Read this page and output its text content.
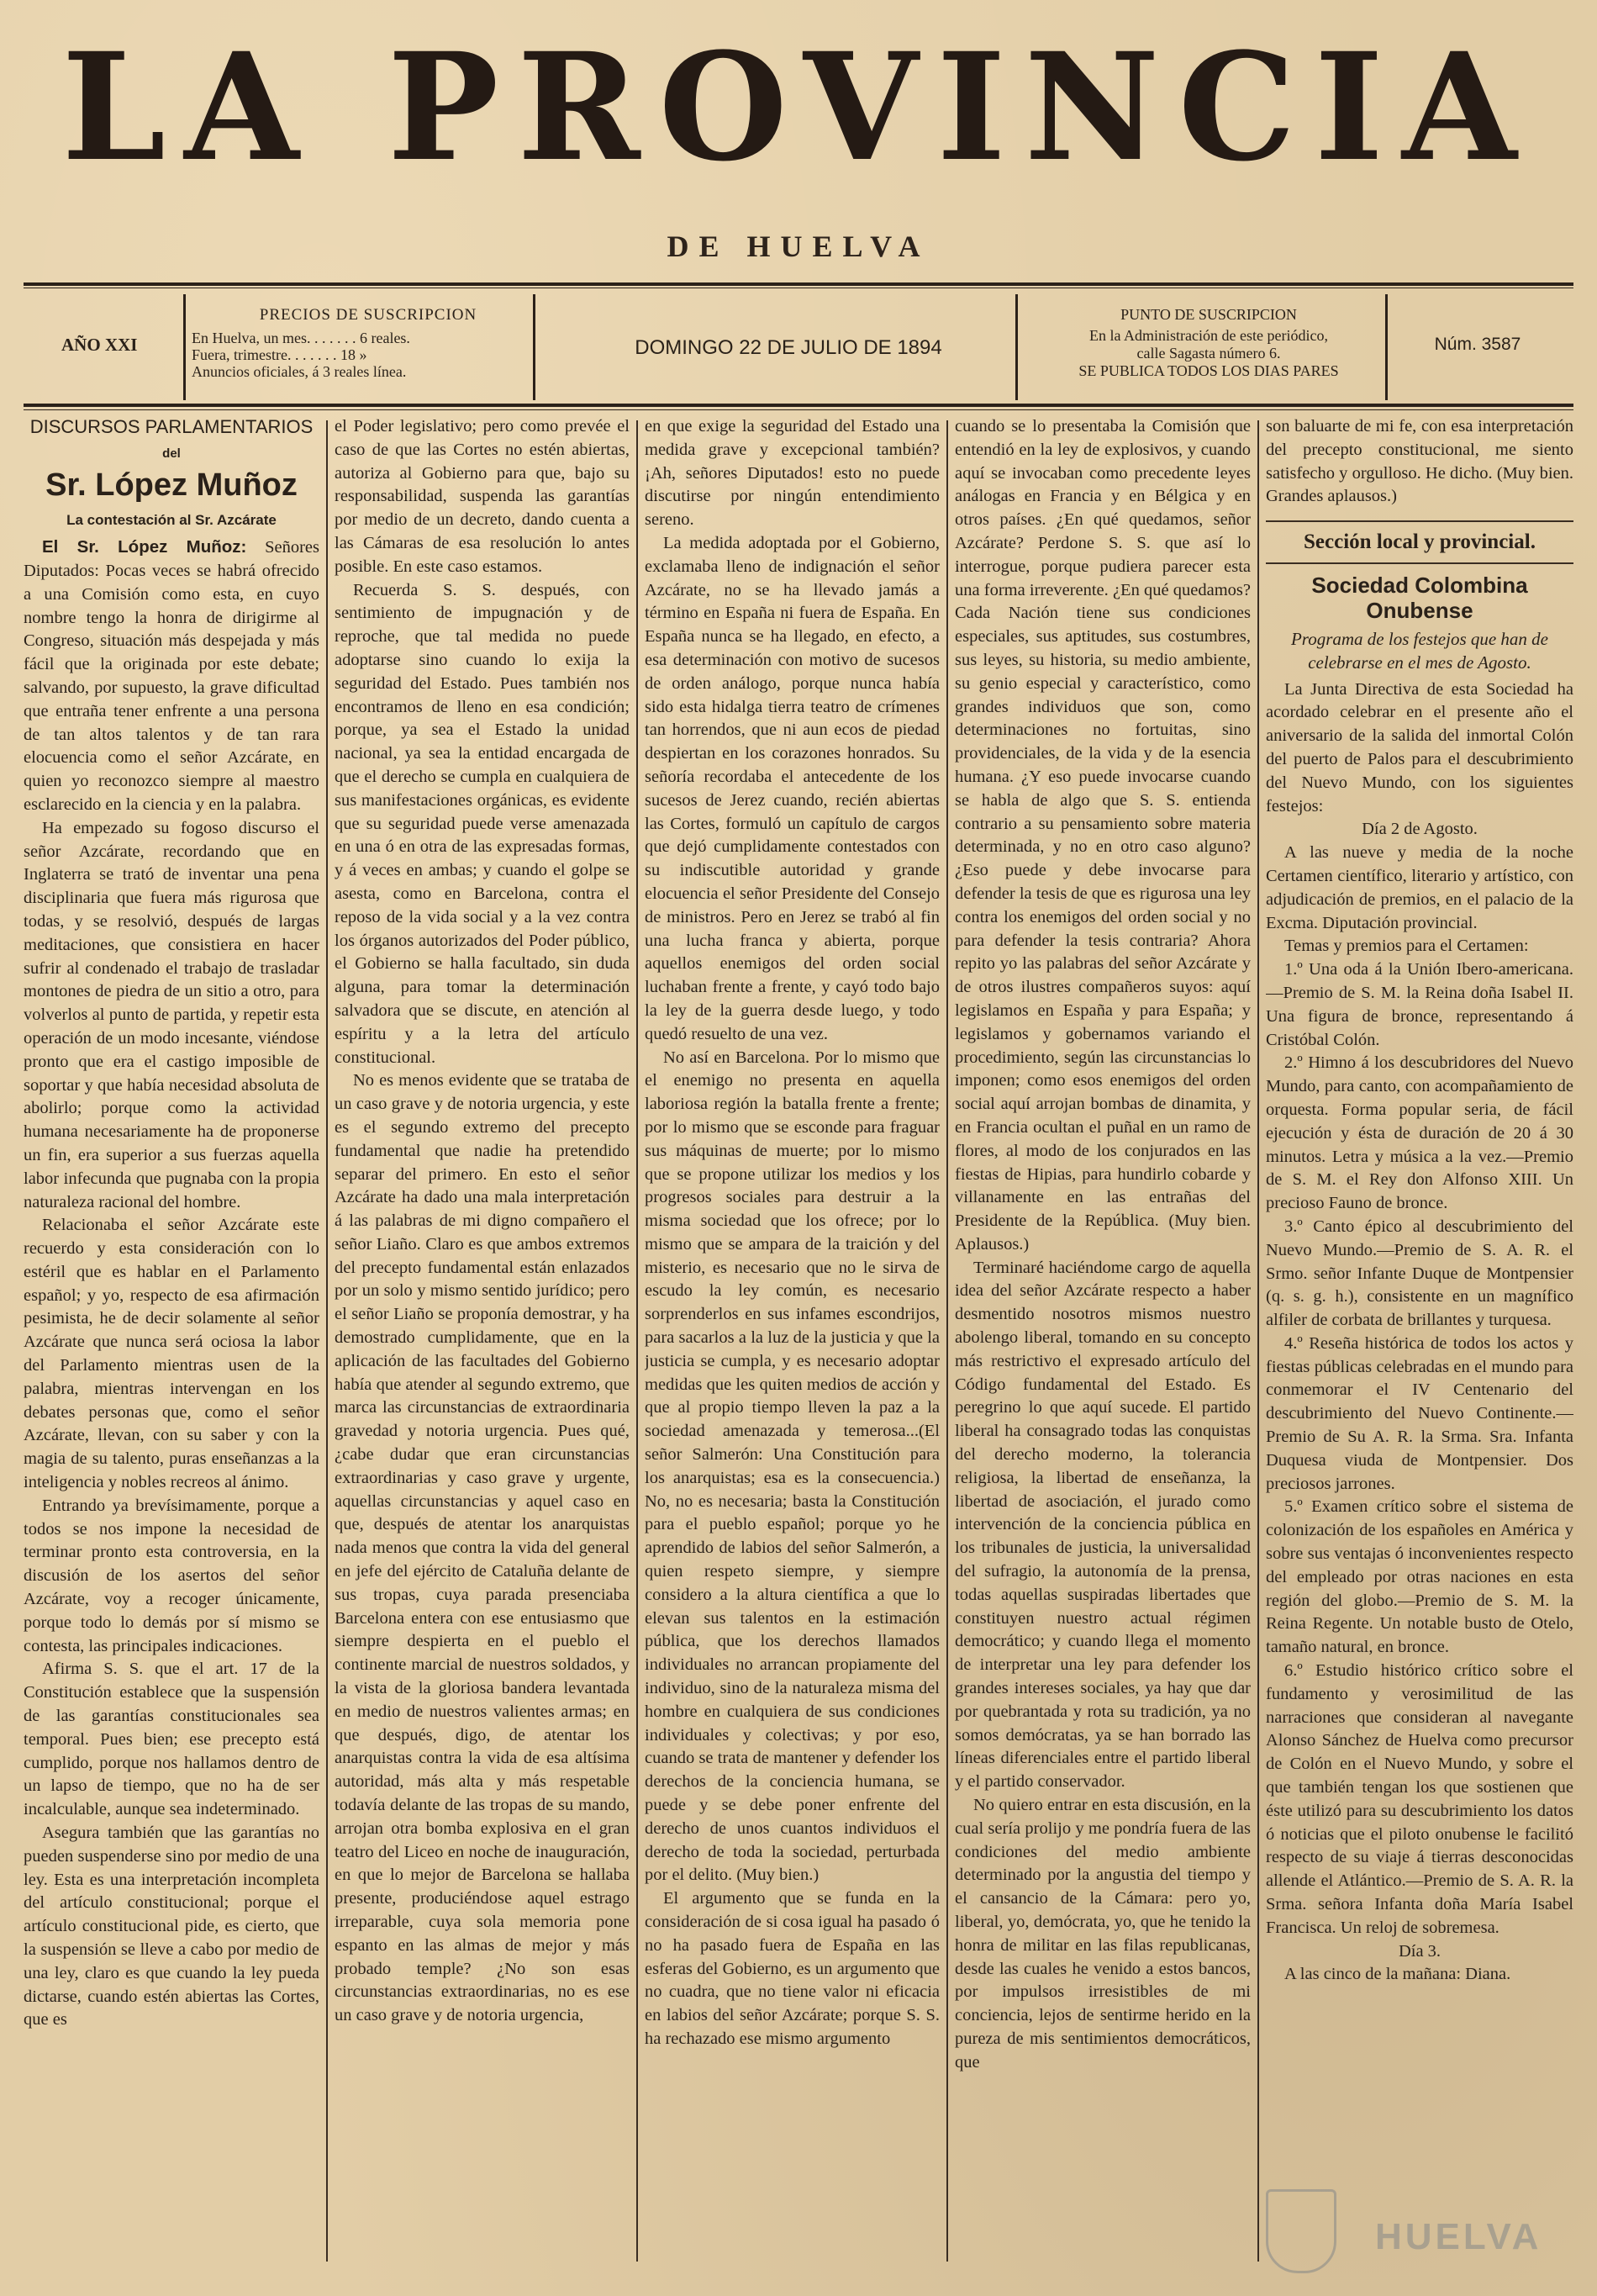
LA PROVINCIA
DE HUELVA
AÑO XXI
PRECIOS DE SUSCRIPCION
En Huelva, un mes. . . . . . . 6 reales.
Fuera, trimestre. . . . . . . 18 »
Anuncios oficiales, á 3 reales línea.
DOMINGO 22 DE JULIO DE 1894
PUNTO DE SUSCRIPCION
En la Administración de este periódico,
calle Sagasta número 6.
SE PUBLICA TODOS LOS DIAS PARES
Núm. 3587
DISCURSOS PARLAMENTARIOS
del
Sr. López Muñoz
La contestación al Sr. Azcárate

El Sr. López Muñoz: Señores Diputados: Pocas veces se habrá ofrecido a una Comisión como esta, en cuyo nombre tengo la honra de dirigirme al Congreso, situación más despejada y más fácil que la originada por este debate; salvando, por supuesto, la grave dificultad que entraña tener enfrente a una persona de tan altos talentos y de tan rara elocuencia como el señor Azcárate, en quien yo reconozco siempre al maestro esclarecido en la ciencia y en la palabra.

Ha empezado su fogoso discurso el señor Azcárate, recordando que en Inglaterra se trató de inventar una pena disciplinaria que fuera más rigurosa que todas, y se resolvió, después de largas meditaciones, que consistiera en hacer sufrir al condenado el trabajo de trasladar montones de piedra de un sitio a otro, para volverlos al punto de partida, y repetir esta operación de un modo incesante, viéndose pronto que era el castigo imposible de soportar y que había necesidad absoluta de abolirlo; porque como la actividad humana necesariamente ha de proponerse un fin, era superior a sus fuerzas aquella labor infecunda que pugnaba con la propia naturaleza racional del hombre.

Relacionaba el señor Azcárate este recuerdo y esta consideración con lo estéril que es hablar en el Parlamento español; y yo, respecto de esa afirmación pesimista, he de decir solamente al señor Azcárate que nunca será ociosa la labor del Parlamento mientras usen de la palabra, mientras intervengan en los debates personas que, como el señor Azcárate, llevan, con su saber y con la magia de su talento, puras enseñanzas a la inteligencia y nobles recreos al ánimo.

Entrando ya brevísimamente, porque a todos se nos impone la necesidad de terminar pronto esta controversia, en la discusión de los asertos del señor Azcárate, voy a recoger únicamente, porque todo lo demás por sí mismo se contesta, las principales indicaciones.

Afirma S. S. que el art. 17 de la Constitución establece que la suspensión de las garantías constitucionales sea temporal. Pues bien; ese precepto está cumplido, porque nos hallamos dentro de un lapso de tiempo, que no ha de ser incalculable, aunque sea indeterminado.

Asegura también que las garantías no pueden suspenderse sino por medio de una ley. Esta es una interpretación incompleta del artículo constitucional; porque el artículo constitucional pide, es cierto, que la suspensión se lleve a cabo por medio de una ley, claro es que cuando la ley pueda dictarse, cuando estén abiertas las Cortes, que es

el Poder legislativo; pero como prevée el caso de que las Cortes no estén abiertas, autoriza al Gobierno para que, bajo su responsabilidad, suspenda las garantías por medio de un decreto, dando cuenta a las Cámaras de esa resolución lo antes posible. En este caso estamos.

Recuerda S. S. después, con sentimiento de impugnación y de reproche, que tal medida no puede adoptarse sino cuando lo exija la seguridad del Estado. Pues también nos encontramos de lleno en esa condición; porque, ya sea el Estado la unidad nacional, ya sea la entidad encargada de que el derecho se cumpla en cualquiera de sus manifestaciones orgánicas, es evidente que su seguridad puede verse amenazada en una ó en otra de las expresadas formas, y á veces en ambas; y cuando el golpe se asesta, como en Barcelona, contra el reposo de la vida social y a la vez contra los órganos autorizados del Poder público, el Gobierno se halla facultado, sin duda alguna, para tomar la determinación salvadora que se discute, en atención al espíritu y a la letra del artículo constitucional.

No es menos evidente que se trataba de un caso grave y de notoria urgencia, y este es el segundo extremo del precepto fundamental que nadie ha pretendido separar del primero. En esto el señor Azcárate ha dado una mala interpretación á las palabras de mi digno compañero el señor Liaño. Claro es que ambos extremos del precepto fundamental están enlazados por un solo y mismo sentido jurídico; pero el señor Liaño se proponía demostrar, y ha demostrado cumplidamente, que en la aplicación de las facultades del Gobierno había que atender al segundo extremo, que marca las circunstancias de extraordinaria gravedad y notoria urgencia. Pues qué, ¿cabe dudar que eran circunstancias extraordinarias y caso grave y urgente, aquellas circunstancias y aquel caso en que, después de atentar los anarquistas nada menos que contra la vida del general en jefe del ejército de Cataluña delante de sus tropas, cuya parada presenciaba Barcelona entera con ese entusiasmo que siempre despierta en el pueblo el continente marcial de nuestros soldados, y la vista de la gloriosa bandera levantada en medio de nuestros valientes armas; en que después, digo, de atentar los anarquistas contra la vida de esa altísima autoridad, más alta y más respetable todavía delante de las tropas de su mando, arrojan otra bomba explosiva en el gran teatro del Liceo en noche de inauguración, en que lo mejor de Barcelona se hallaba presente, produciéndose aquel estrago irreparable, cuya sola memoria pone espanto en las almas de mejor y más probado temple? ¿No son esas circunstancias extraordinarias, no es ese un caso grave y de notoria urgencia,

en que exige la seguridad del Estado una medida grave y excepcional también? ¡Ah, señores Diputados! esto no puede discutirse por ningún entendimiento sereno.

La medida adoptada por el Gobierno, exclamaba lleno de indignación el señor Azcárate, no se ha llevado jamás a término en España ni fuera de España. En España nunca se ha llegado, en efecto, a esa determinación con motivo de sucesos de orden análogo, porque nunca había sido esta hidalga tierra teatro de crímenes tan horrendos, que ni aun ecos de piedad despiertan en los corazones honrados. Su señoría recordaba el antecedente de los sucesos de Jerez cuando, recién abiertas las Cortes, formuló un capítulo de cargos que dejó cumplidamente contestados con su indiscutible autoridad y grande elocuencia el señor Presidente del Consejo de ministros. Pero en Jerez se trabó al fin una lucha franca y abierta, porque aquellos enemigos del orden social luchaban frente a frente, y cayó todo bajo la ley de la guerra desde luego, y todo quedó resuelto de una vez.

No así en Barcelona. Por lo mismo que el enemigo no presenta en aquella laboriosa región la batalla frente a frente; por lo mismo que se esconde para fraguar sus máquinas de muerte; por lo mismo que se propone utilizar los medios y los progresos sociales para destruir a la misma sociedad que los ofrece; por lo mismo que se ampara de la traición y del misterio, es necesario que no le sirva de escudo la ley común, es necesario sorprenderlos en sus infames escondrijos, para sacarlos a la luz de la justicia y que la justicia se cumpla, y es necesario adoptar medidas que les quiten medios de acción y que al propio tiempo lleven la paz a la sociedad amenazada y temerosa...(El señor Salmerón: Una Constitución para los anarquistas; esa es la consecuencia.) No, no es necesaria; basta la Constitución para el pueblo español; porque yo he aprendido de labios del señor Salmerón, a quien respeto siempre, y siempre considero a la altura científica a que lo elevan sus talentos en la estimación pública, que los derechos llamados individuales no arrancan propiamente del individuo, sino de la naturaleza misma del hombre en cualquiera de sus condiciones individuales y colectivas; y por eso, cuando se trata de mantener y defender los derechos de la conciencia humana, se puede y se debe poner enfrente del derecho de unos cuantos individuos el derecho de toda la sociedad, perturbada por el delito. (Muy bien.)

El argumento que se funda en la consideración de si cosa igual ha pasado ó no ha pasado fuera de España en las esferas del Gobierno, es un argumento que no cuadra, que no tiene valor ni eficacia en labios del señor Azcárate; porque S. S. ha rechazado ese mismo argumento

cuando se lo presentaba la Comisión que entendió en la ley de explosivos, y cuando aquí se invocaban como precedente leyes análogas en Francia y en Bélgica y en otros países. ¿En qué quedamos, señor Azcárate? Perdone S. S. que así lo interrogue, porque pudiera parecer esta una forma irreverente. ¿En qué quedamos? Cada Nación tiene sus condiciones especiales, sus aptitudes, sus costumbres, sus leyes, su historia, su medio ambiente, su genio especial y característico, como grandes individuos que son, como determinaciones no fortuitas, sino providenciales, de la vida y de la esencia humana. ¿Y eso puede invocarse cuando se habla de algo que S. S. entienda contrario a su pensamiento sobre materia determinada, y no en otro caso alguno? ¿Eso puede y debe invocarse para defender la tesis de que es rigurosa una ley contra los enemigos del orden social y no para defender la tesis contraria? Ahora repito yo las palabras del señor Azcárate y de otros ilustres compañeros suyos: aquí legislamos en España y para España; y legislamos y gobernamos variando el procedimiento, según las circunstancias lo imponen; como esos enemigos del orden social aquí arrojan bombas de dinamita, y en Francia ocultan el puñal en un ramo de flores, al modo de los conjurados en las fiestas de Hipias, para hundirlo cobarde y villanamente en las entrañas del Presidente de la República. (Muy bien. Aplausos.)

Terminaré haciéndome cargo de aquella idea del señor Azcárate respecto a haber desmentido nosotros mismos nuestro abolengo liberal, tomando en su concepto más restrictivo el expresado artículo del Código fundamental del Estado. Es peregrino lo que aquí sucede. El partido liberal ha consagrado todas las conquistas del derecho moderno, la tolerancia religiosa, la libertad de enseñanza, la libertad de asociación, el jurado como intervención de la conciencia pública en los tribunales de justicia, la universalidad del sufragio, la autonomía de la prensa, todas aquellas suspiradas libertades que constituyen nuestro actual régimen democrático; y cuando llega el momento de interpretar una ley para defender los grandes intereses sociales, ya hay que dar por quebrantada y rota su tradición, ya no somos demócratas, ya se han borrado las líneas diferenciales entre el partido liberal y el partido conservador.

No quiero entrar en esta discusión, en la cual sería prolijo y me pondría fuera de las condiciones del medio ambiente determinado por la angustia del tiempo y el cansancio de la Cámara: pero yo, liberal, yo, demócrata, yo, que he tenido la honra de militar en las filas republicanas, desde las cuales he venido a estos bancos, por impulsos irresistibles de mi conciencia, lejos de sentirme herido en la pureza de mis sentimientos democráticos, que

son baluarte de mi fe, con esa interpretación del precepto constitucional, me siento satisfecho y orgulloso. He dicho. (Muy bien. Grandes aplausos.)

Sección local y provincial.
Sociedad Colombina
Onubense
Programa de los festejos que han de celebrarse en el mes de Agosto.

La Junta Directiva de esta Sociedad ha acordado celebrar en el presente año el aniversario de la salida del inmortal Colón del puerto de Palos para el descubrimiento del Nuevo Mundo, con los siguientes festejos:

Día 2 de Agosto.

A las nueve y media de la noche Certamen científico, literario y artístico, con adjudicación de premios, en el palacio de la Excma. Diputación provincial.

Temas y premios para el Certamen:

1.º Una oda á la Unión Ibero-americana.—Premio de S. M. la Reina doña Isabel II. Una figura de bronce, representando á Cristóbal Colón.

2.º Himno á los descubridores del Nuevo Mundo, para canto, con acompañamiento de orquesta. Forma popular seria, de fácil ejecución y ésta de duración de 20 á 30 minutos. Letra y música a la vez.—Premio de S. M. el Rey don Alfonso XIII. Un precioso Fauno de bronce.

3.º Canto épico al descubrimiento del Nuevo Mundo.—Premio de S. A. R. el Srmo. señor Infante Duque de Montpensier (q. s. g. h.), consistente en un magnífico alfiler de corbata de brillantes y turquesa.

4.º Reseña histórica de todos los actos y fiestas públicas celebradas en el mundo para conmemorar el IV Centenario del descubrimiento del Nuevo Continente.—Premio de Su A. R. la Srma. Sra. Infanta Duquesa viuda de Montpensier. Dos preciosos jarrones.

5.º Examen crítico sobre el sistema de colonización de los españoles en América y sobre sus ventajas ó inconvenientes respecto del empleado por otras naciones en esta región del globo.—Premio de S. M. la Reina Regente. Un notable busto de Otelo, tamaño natural, en bronce.

6.º Estudio histórico crítico sobre el fundamento y verosimilitud de las narraciones que consideran al navegante Alonso Sánchez de Huelva como precursor de Colón en el Nuevo Mundo, y sobre el que también tengan los que sostienen que éste utilizó para su descubrimiento los datos ó noticias que el piloto onubense le facilitó respecto de su viaje á tierras desconocidas allende el Atlántico.—Premio de S. A. R. la Srma. señora Infanta doña María Isabel Francisca. Un reloj de sobremesa.

Día 3.

A las cinco de la mañana: Diana.

HUELVA
